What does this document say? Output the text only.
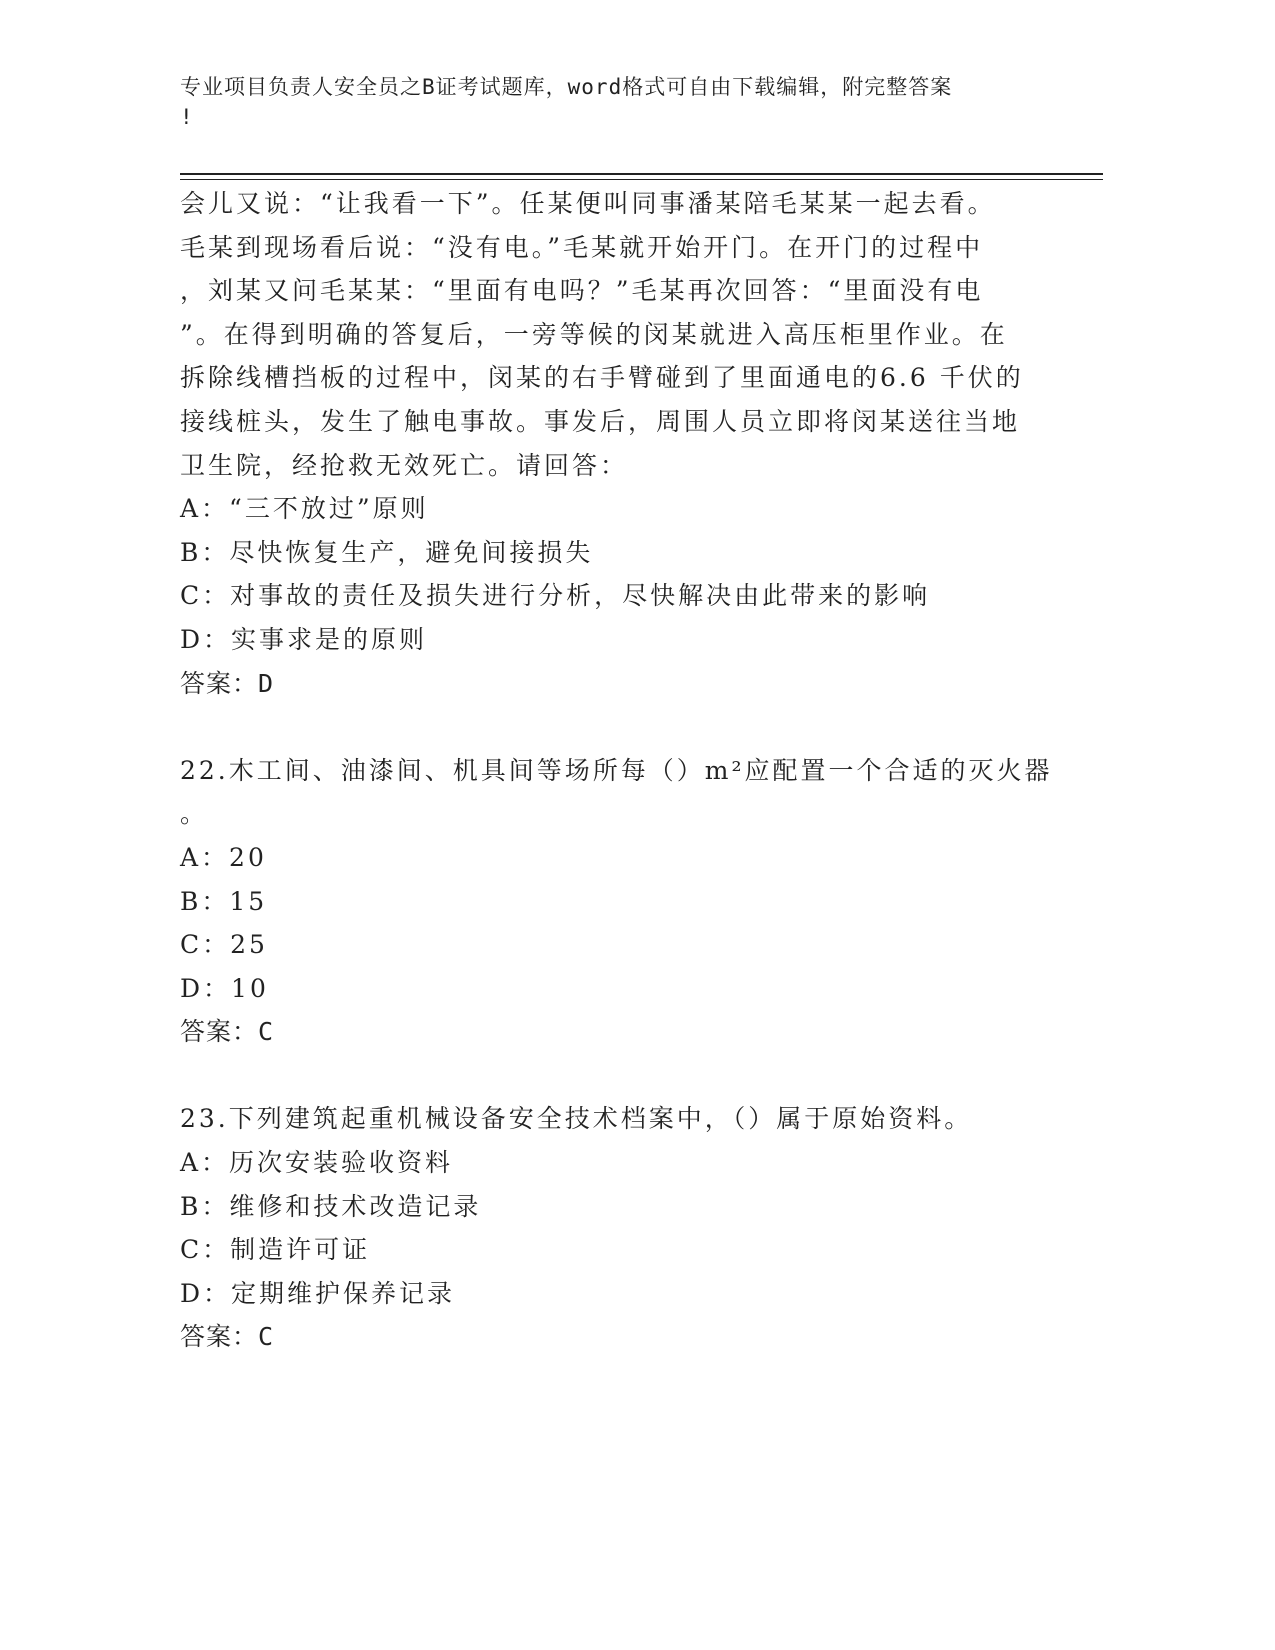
专业项目负责人安全员之B证考试题库，word格式可自由下载编辑，附完整答案
!
会儿又说：“让我看一下”。任某便叫同事潘某陪毛某某一起去看。
毛某到现场看后说：“没有电。”毛某就开始开门。在开门的过程中
，刘某又问毛某某：“里面有电吗？”毛某再次回答：“里面没有电
”。在得到明确的答复后，一旁等候的闵某就进入高压柜里作业。在
拆除线槽挡板的过程中，闵某的右手臂碰到了里面通电的6.6 千伏的
接线桩头，发生了触电事故。事发后，周围人员立即将闵某送往当地
卫生院，经抢救无效死亡。请回答：
A：“三不放过”原则
B：尽快恢复生产，避免间接损失
C：对事故的责任及损失进行分析，尽快解决由此带来的影响
D：实事求是的原则
答案：D
22.木工间、油漆间、机具间等场所每（）m²应配置一个合适的灭火器
。
A：20
B：15
C：25
D：10
答案：C
23.下列建筑起重机械设备安全技术档案中，（）属于原始资料。
A：历次安装验收资料
B：维修和技术改造记录
C：制造许可证
D：定期维护保养记录
答案：C
